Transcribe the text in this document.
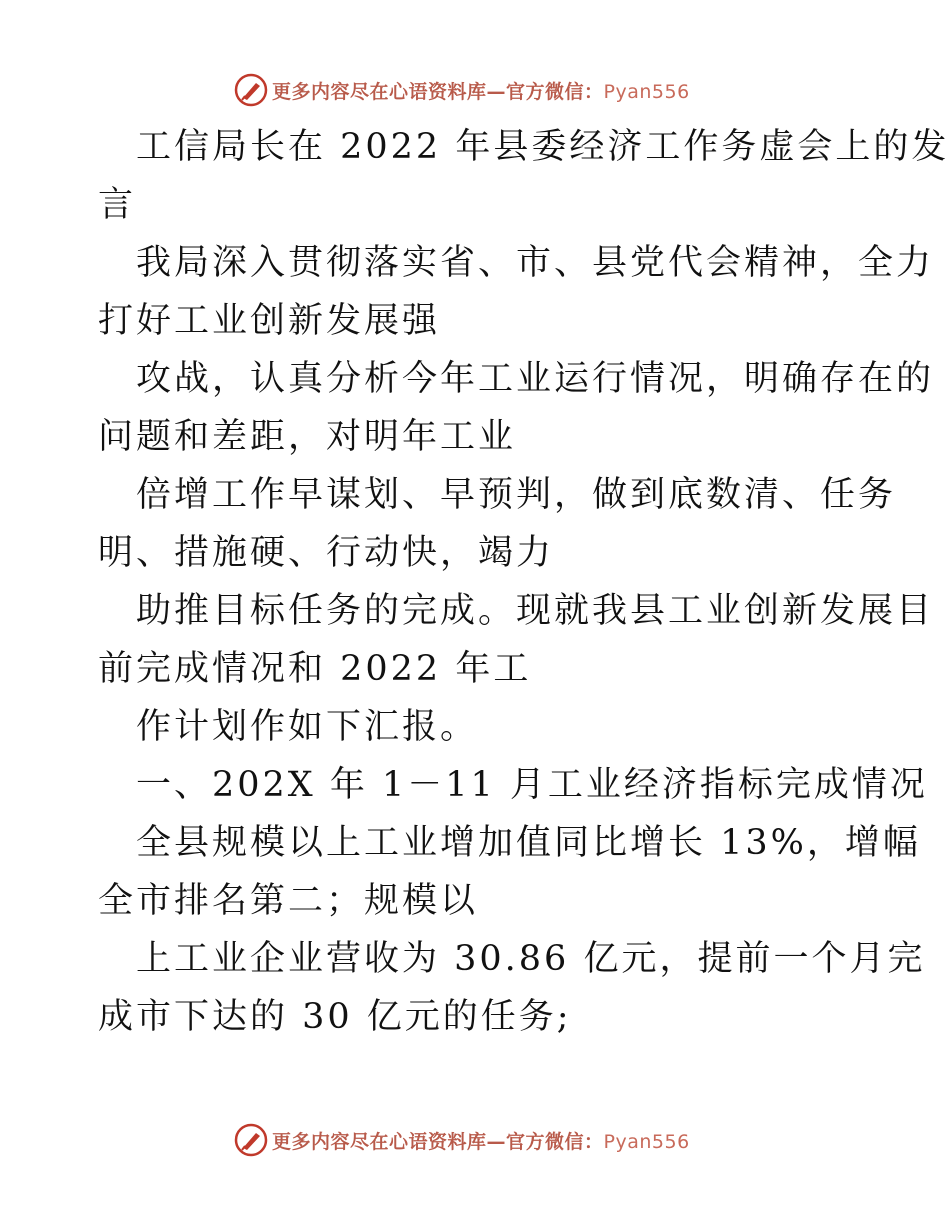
更多内容尽在心语资料库—官方微信：Pyan556
工信局长在 2022 年县委经济工作务虚会上的发
言
我局深入贯彻落实省、市、县党代会精神，全力
打好工业创新发展强
攻战，认真分析今年工业运行情况，明确存在的
问题和差距，对明年工业
倍增工作早谋划、早预判，做到底数清、任务
明、措施硬、行动快，竭力
助推目标任务的完成。现就我县工业创新发展目
前完成情况和 2022 年工
作计划作如下汇报。
一、202X 年 1－11 月工业经济指标完成情况
全县规模以上工业增加值同比增长 13%，增幅
全市排名第二；规模以
上工业企业营收为 30.86 亿元，提前一个月完
成市下达的 30 亿元的任务;
更多内容尽在心语资料库—官方微信：Pyan556
